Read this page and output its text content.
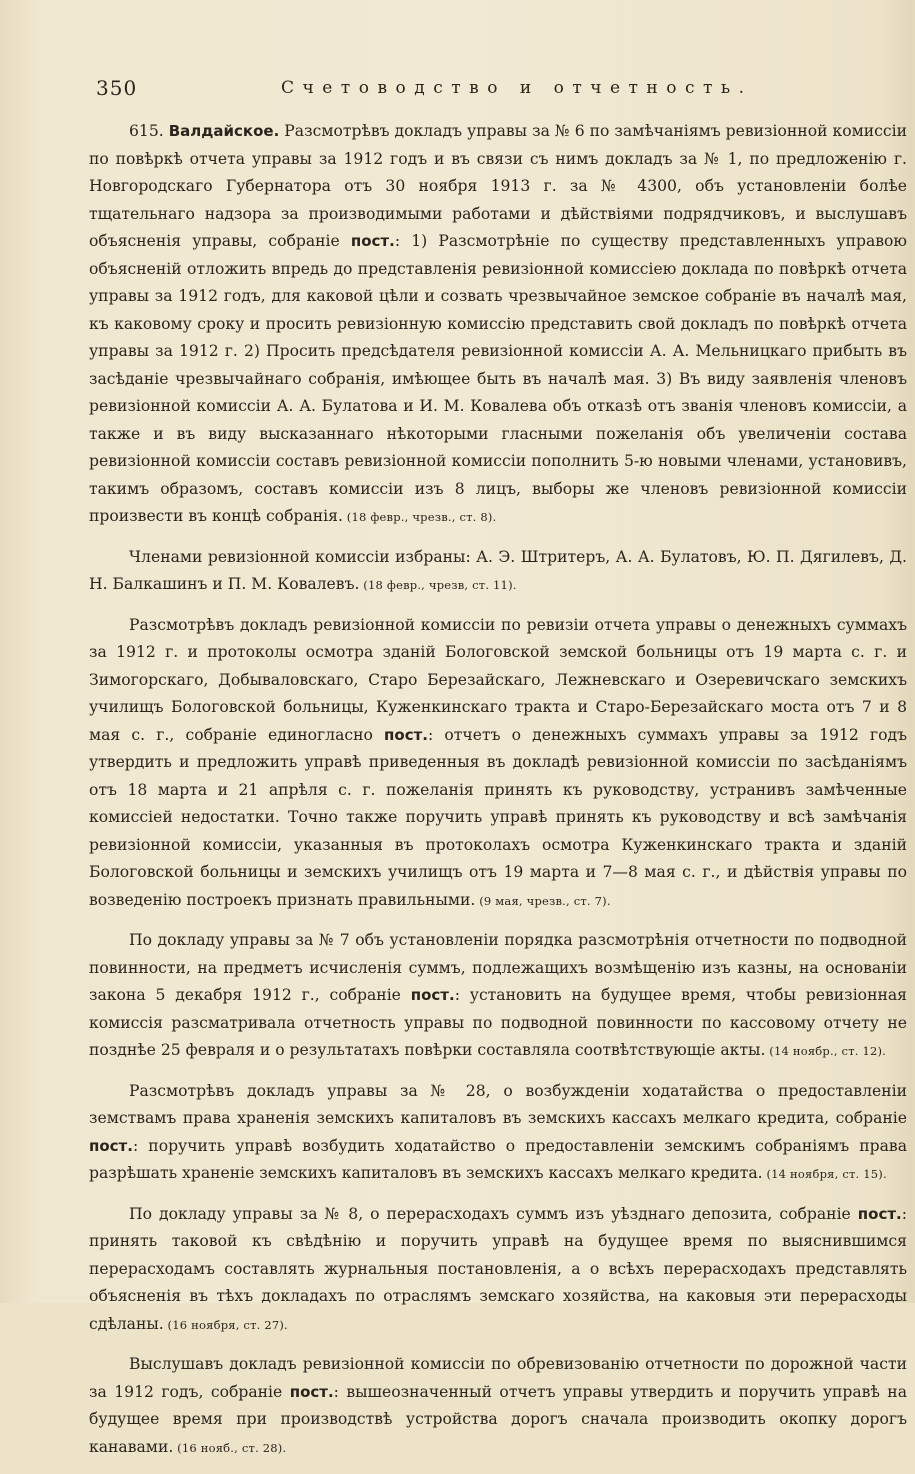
350	Счетоводство и отчетность.

615. Валдайское. Разсмотрѣвъ докладъ управы за № 6 по замѣчаніямъ ревизіонной комиссіи по повѣркѣ отчета управы за 1912 годъ и въ связи съ нимъ докладъ за № 1, по предложенію г. Новгородскаго Губернатора отъ 30 ноября 1913 г. за № 4300, объ установленіи болѣе тщательнаго надзора за производимыми работами и дѣйствіями подрядчиковъ, и выслушавъ объясненія управы, собраніе пост.: 1) Разсмотрѣніе по существу представленныхъ управою объясненій отложить впредь до представленія ревизіонной комиссіею доклада по повѣркѣ отчета управы за 1912 годъ, для каковой цѣли и созвать чрезвычайное земское собраніе въ началѣ мая, къ каковому сроку и просить ревизіонную комиссію представить свой докладъ по повѣркѣ отчета управы за 1912 г. 2) Просить предсѣдателя ревизіонной комиссіи А. А. Мельницкаго прибыть въ засѣданіе чрезвычайнаго собранія, имѣющее быть въ началѣ мая. 3) Въ виду заявленія членовъ ревизіонной комиссіи А. А. Булатова и И. М. Ковалева объ отказѣ отъ званія членовъ комиссіи, а также и въ виду высказаннаго нѣкоторыми гласными пожеланія объ увеличеніи состава ревизіонной комиссіи составъ ревизіонной комиссіи пополнить 5-ю новыми членами, установивъ, такимъ образомъ, составъ комиссіи изъ 8 лицъ, выборы же членовъ ревизіонной комиссіи произвести въ концѣ собранія. (18 февр., чрезв., ст. 8).

Членами ревизіонной комиссіи избраны: А. Э. Штритеръ, А. А. Булатовъ, Ю. П. Дягилевъ, Д. Н. Балкашинъ и П. М. Ковалевъ. (18 февр., чрезв, ст. 11).

Разсмотрѣвъ докладъ ревизіонной комиссіи по ревизіи отчета управы о денежныхъ суммахъ за 1912 г. и протоколы осмотра зданій Бологовской земской больницы отъ 19 марта с. г. и Зимогорскаго, Добываловскаго, Старо Березайскаго, Лежневскаго и Озеревичскаго земскихъ училищъ Бологовской больницы, Куженкинскаго тракта и Старо-Березайскаго моста отъ 7 и 8 мая с. г., собраніе единогласно пост.: отчетъ о денежныхъ суммахъ управы за 1912 годъ утвердить и предложить управѣ приведенныя въ докладѣ ревизіонной комиссіи по засѣданіямъ отъ 18 марта и 21 апрѣля с. г. пожеланія принять къ руководству, устранивъ замѣченные комиссіей недостатки. Точно также поручить управѣ принять къ руководству и всѣ замѣчанія ревизіонной комиссіи, указанныя въ протоколахъ осмотра Куженкинскаго тракта и зданій Бологовской больницы и земскихъ училищъ отъ 19 марта и 7—8 мая с. г., и дѣйствія управы по возведенію построекъ признать правильными. (9 мая, чрезв., ст. 7).

По докладу управы за № 7 объ установленіи порядка разсмотрѣнія отчетности по подводной повинности, на предметъ исчисленія суммъ, подлежащихъ возмѣщенію изъ казны, на основаніи закона 5 декабря 1912 г., собраніе пост.: установить на будущее время, чтобы ревизіонная комиссія разсматривала отчетность управы по подводной повинности по кассовому отчету не позднѣе 25 февраля и о результатахъ повѣрки составляла соотвѣтствующіе акты. (14 ноябр., ст. 12).

Разсмотрѣвъ докладъ управы за № 28, о возбужденіи ходатайства о предоставленіи земствамъ права храненія земскихъ капиталовъ въ земскихъ кассахъ мелкаго кредита, собраніе пост.: поручить управѣ возбудить ходатайство о предоставленіи земскимъ собраніямъ права разрѣшать храненіе земскихъ капиталовъ въ земскихъ кассахъ мелкаго кредита. (14 ноября, ст. 15).

По докладу управы за № 8, о перерасходахъ суммъ изъ уѣзднаго депозита, собраніе пост.: принять таковой къ свѣдѣнію и поручить управѣ на будущее время по выяснившимся перерасходамъ составлять журнальныя постановленія, а о всѣхъ перерасходахъ представлять объясненія въ тѣхъ докладахъ по отраслямъ земскаго хозяйства, на каковыя эти перерасходы сдѣланы. (16 ноября, ст. 27).

Выслушавъ докладъ ревизіонной комиссіи по обревизованію отчетности по дорожной части за 1912 годъ, собраніе пост.: вышеозначенный отчетъ управы утвердить и поручить управѣ на будущее время при производствѣ устройства дорогъ сначала производить окопку дорогъ канавами. (16 нояб., ст. 28).
